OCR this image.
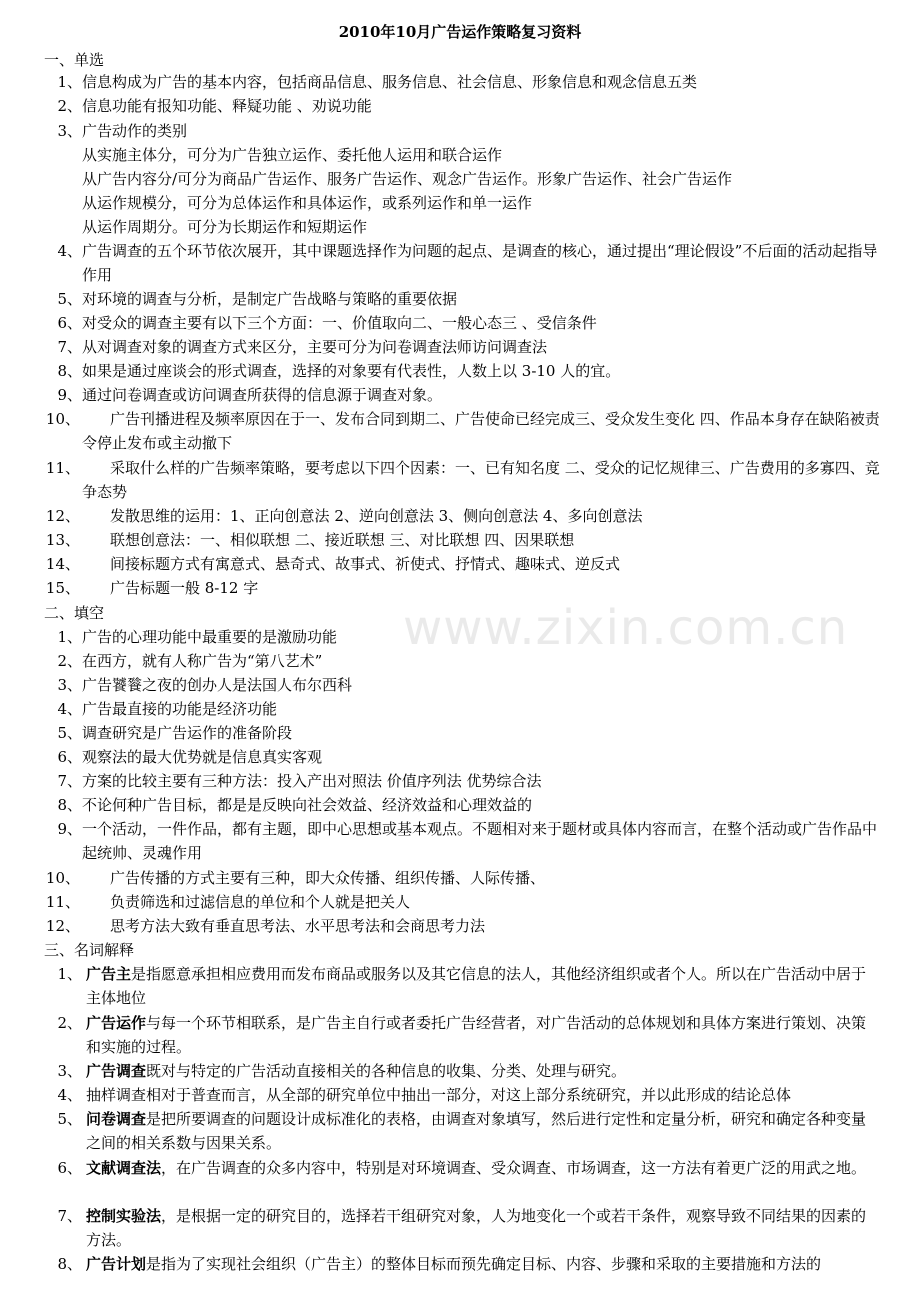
www.zixin.com.cn
2010年10月广告运作策略复习资料
一、单选
1、 信息构成为广告的基本内容，包括商品信息、服务信息、社会信息、形象信息和观念信息五类
2、 信息功能有报知功能、释疑功能 、劝说功能
3、 广告动作的类别
从实施主体分，可分为广告独立运作、委托他人运用和联合运作
从广告内容分/可分为商品广告运作、服务广告运作、观念广告运作。形象广告运作、社会广告运作
从运作规模分，可分为总体运作和具体运作，或系列运作和单一运作
从运作周期分。可分为长期运作和短期运作
4、 广告调查的五个环节依次展开，其中课题选择作为问题的起点、是调查的核心，通过提出“理论假设”不后面的活动起指导作用
5、 对环境的调查与分析，是制定广告战略与策略的重要依据
6、 对受众的调查主要有以下三个方面：一、价值取向二、一般心态三 、受信条件
7、 从对调查对象的调查方式来区分，主要可分为问卷调查法师访问调查法
8、 如果是通过座谈会的形式调查，选择的对象要有代表性，人数上以 3-10 人的宜。
9、 通过问卷调查或访问调查所获得的信息源于调查对象。
10、	广告刊播进程及频率原因在于一、发布合同到期二、广告使命已经完成三、受众发生变化 四、作品本身存在缺陷被责令停止发布或主动撤下
11、	采取什么样的广告频率策略，要考虑以下四个因素：一、已有知名度 二、受众的记忆规律三、广告费用的多寡四、竞争态势
12、	发散思维的运用：1、正向创意法 2、逆向创意法 3、侧向创意法 4、多向创意法
13、	联想创意法：一、相似联想 二、接近联想 三、对比联想 四、因果联想
14、	间接标题方式有寓意式、悬奇式、故事式、祈使式、抒情式、趣味式、逆反式
15、	广告标题一般 8-12 字
二、填空
1、 广告的心理功能中最重要的是激励功能
2、 在西方，就有人称广告为“第八艺术”
3、 广告饕餮之夜的创办人是法国人布尔西科
4、 广告最直接的功能是经济功能
5、 调查研究是广告运作的准备阶段
6、 观察法的最大优势就是信息真实客观
7、 方案的比较主要有三种方法：投入产出对照法 价值序列法 优势综合法
8、 不论何种广告目标，都是是反映向社会效益、经济效益和心理效益的
9、 一个活动，一件作品，都有主题，即中心思想或基本观点。不题相对来于题材或具体内容而言，在整个活动或广告作品中起统帅、灵魂作用
10、	广告传播的方式主要有三种，即大众传播、组织传播、人际传播、
11、	负责筛选和过滤信息的单位和个人就是把关人
12、	思考方法大致有垂直思考法、水平思考法和会商思考力法
三、名词解释
1、 广告主是指愿意承担相应费用而发布商品或服务以及其它信息的法人，其他经济组织或者个人。所以在广告活动中居于主体地位
2、 广告运作与每一个环节相联系，是广告主自行或者委托广告经营者，对广告活动的总体规划和具体方案进行策划、决策和实施的过程。
3、 广告调查既对与特定的广告活动直接相关的各种信息的收集、分类、处理与研究。
4、 抽样调查相对于普查而言，从全部的研究单位中抽出一部分，对这上部分系统研究，并以此形成的结论总体
5、 问卷调查是把所要调查的问题设计成标准化的表格，由调查对象填写，然后进行定性和定量分析，研究和确定各种变量之间的相关系数与因果关系。
6、 文献调查法，在广告调查的众多内容中，特别是对环境调查、受众调查、市场调查，这一方法有着更广泛的用武之地。
7、 控制实验法，是根据一定的研究目的，选择若干组研究对象，人为地变化一个或若干条件，观察导致不同结果的因素的方法。
8、 广告计划是指为了实现社会组织（广告主）的整体目标而预先确定目标、内容、步骤和采取的主要措施和方法的
